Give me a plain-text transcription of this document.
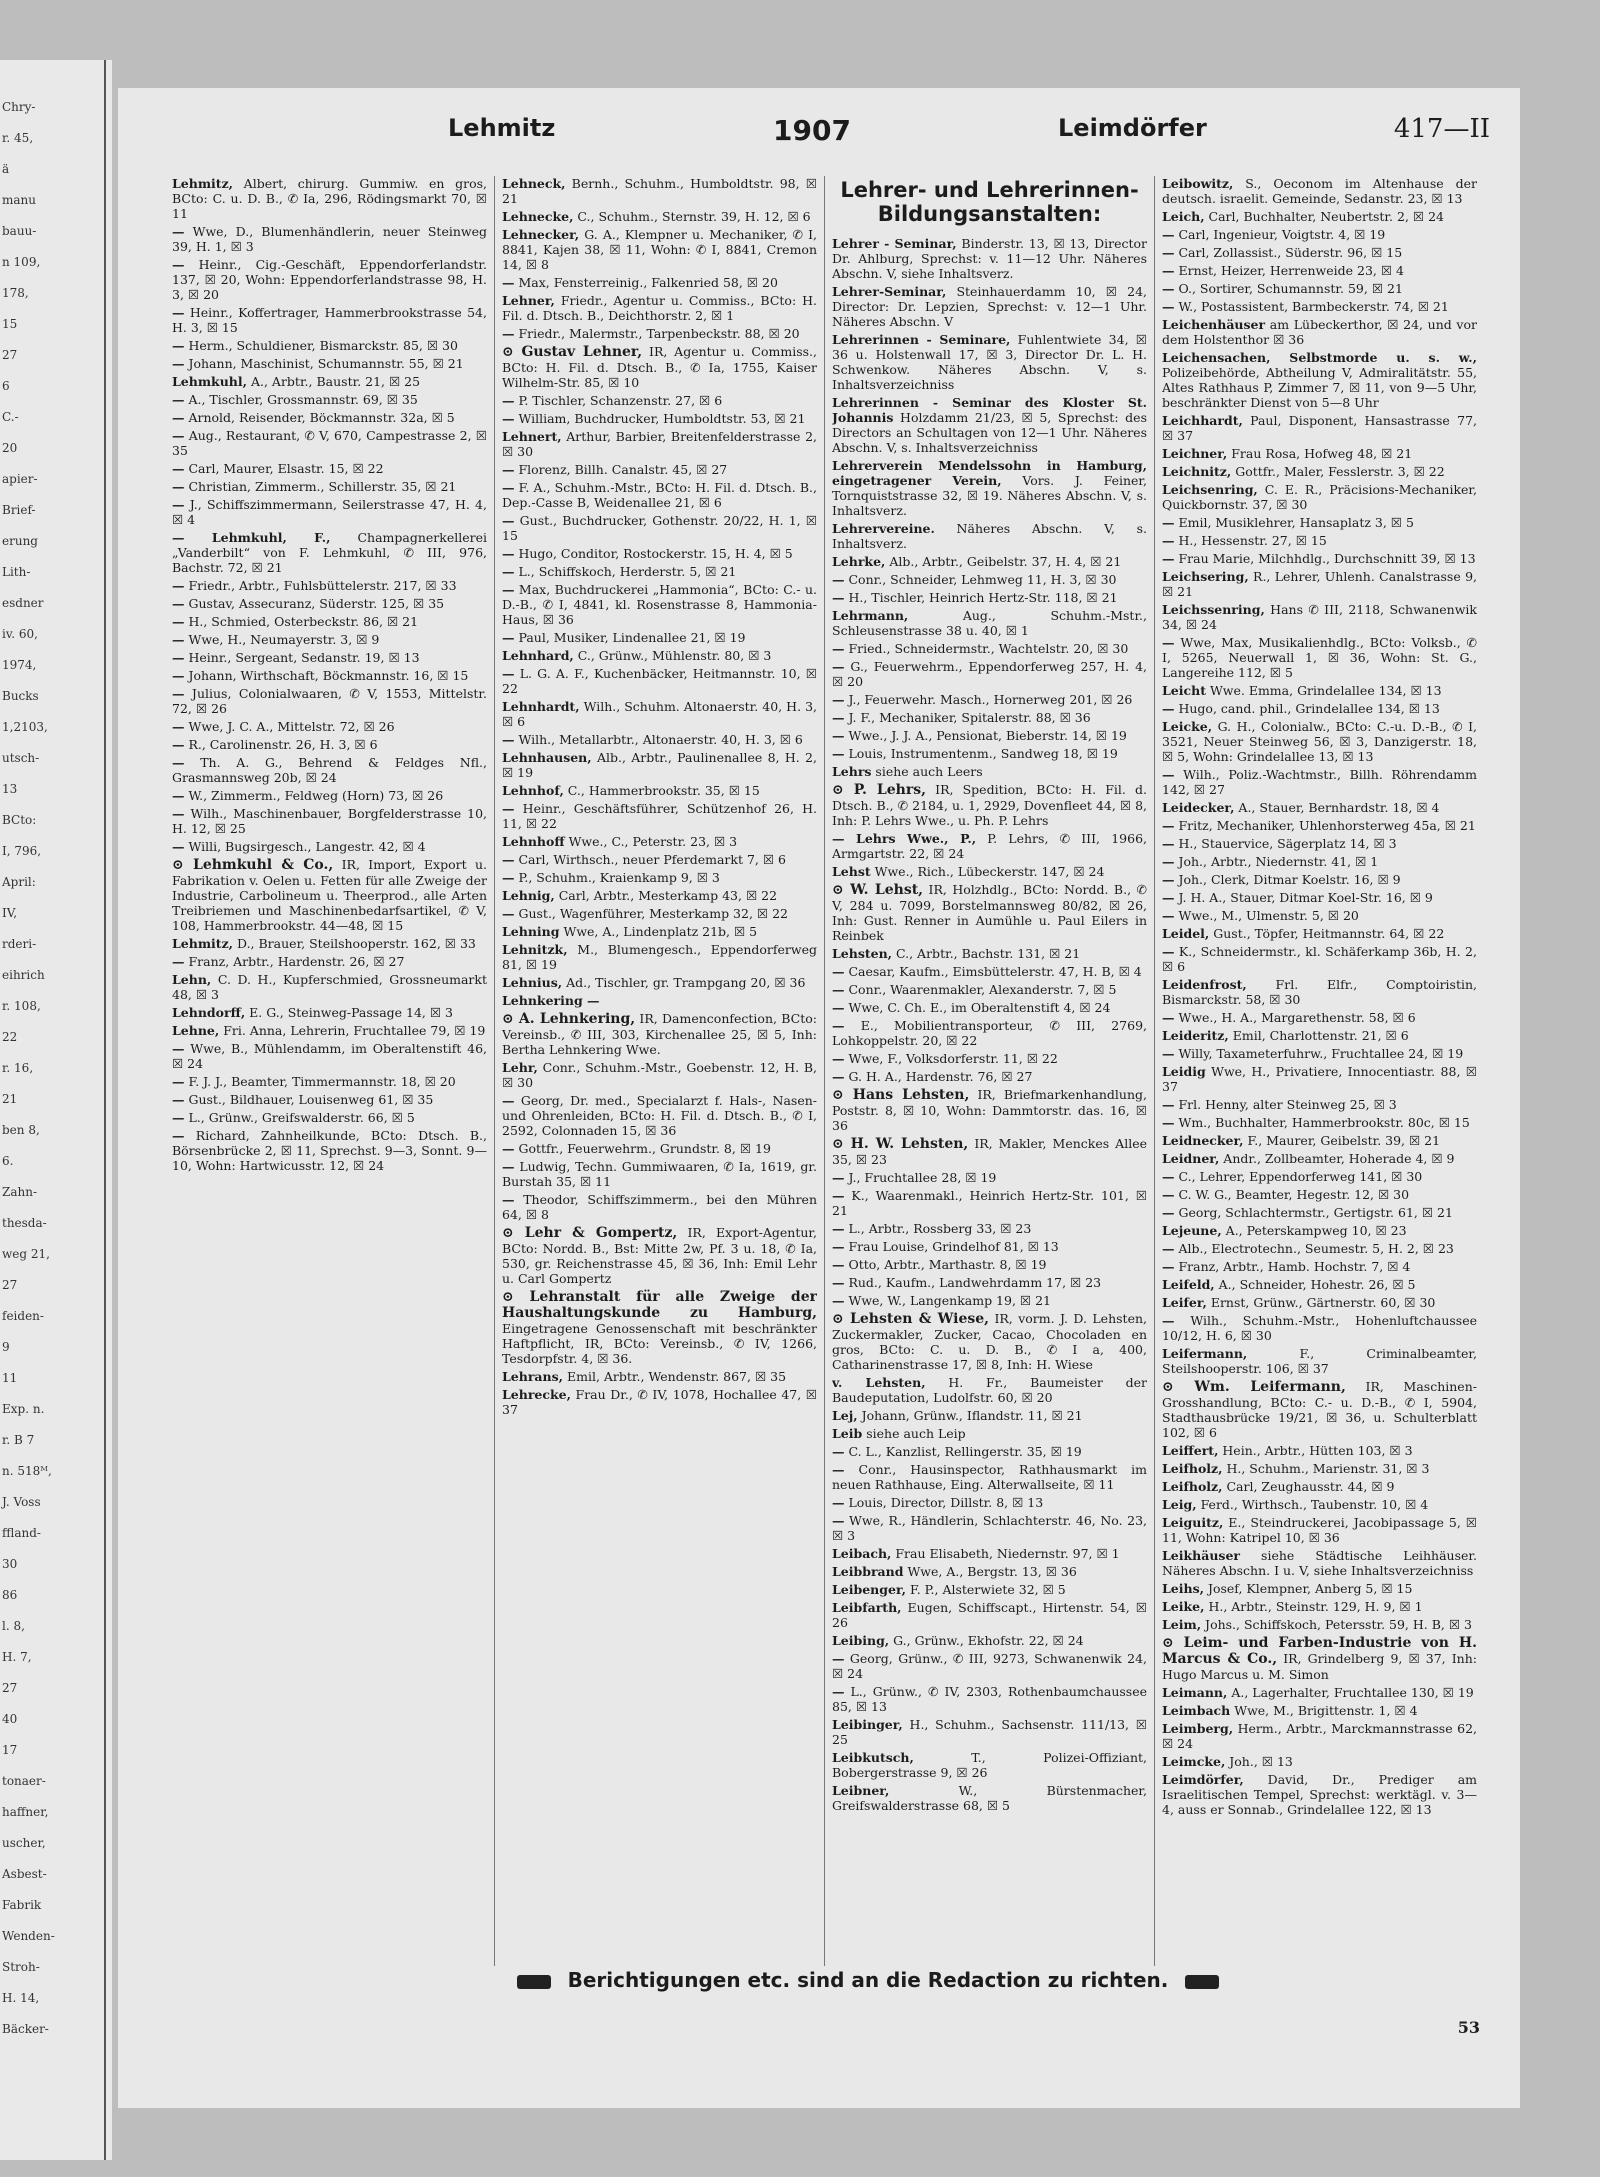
Chry-
r. 45,
ä
manu
bauu-
n 109,
178,
15
27
6
C.-
20
apier-
Brief-
erung
Lith-
esdner
iv. 60,
1974,
Bucks
1,2103,
utsch-
13
BCto:
I, 796,
April:
IV,
rderi-
eihrich
r. 108,
22
r. 16,
21
ben 8,
6.
Zahn-
thesda-
weg 21,
27
feiden-
9
11
Exp. n.
r. B 7
n. 518ᴹ,
J. Voss
ffland-
30
86
l. 8,
H. 7,
27
40
17
tonaer-
haffner,
uscher,
Asbest-
Fabrik
Wenden-
Stroh-
H. 14,
Bäcker-
Lehmitz	1907	Leimdörfer	417—II
Lehmitz, Albert, chirurg. Gummiw. en gros, BCto: C. u. D. B., ✆ Ia, 296, Rödingsmarkt 70, ☒ 11
— Wwe, D., Blumenhändlerin, neuer Steinweg 39, H. 1, ☒ 3
— Heinr., Cig.-Geschäft, Eppendorferlandstr. 137, ☒ 20, Wohn: Eppendorferlandstrasse 98, H. 3, ☒ 20
— Heinr., Koffertrager, Hammerbrookstrasse 54, H. 3, ☒ 15
— Herm., Schuldiener, Bismarckstr. 85, ☒ 30
— Johann, Maschinist, Schumannstr. 55, ☒ 21
Lehmkuhl, A., Arbtr., Baustr. 21, ☒ 25
— A., Tischler, Grossmannstr. 69, ☒ 35
— Arnold, Reisender, Böckmannstr. 32a, ☒ 5
— Aug., Restaurant, ✆ V, 670, Campestrasse 2, ☒ 35
— Carl, Maurer, Elsastr. 15, ☒ 22
— Christian, Zimmerm., Schillerstr. 35, ☒ 21
— J., Schiffszimmermann, Seilerstrasse 47, H. 4, ☒ 4
— Lehmkuhl, F., Champagnerkellerei „Vanderbilt“ von F. Lehmkuhl, ✆ III, 976, Bachstr. 72, ☒ 21
— Friedr., Arbtr., Fuhlsbüttelerstr. 217, ☒ 33
— Gustav, Assecuranz, Süderstr. 125, ☒ 35
— H., Schmied, Osterbeckstr. 86, ☒ 21
— Wwe, H., Neumayerstr. 3, ☒ 9
— Heinr., Sergeant, Sedanstr. 19, ☒ 13
— Johann, Wirthschaft, Böckmannstr. 16, ☒ 15
— Julius, Colonialwaaren, ✆ V, 1553, Mittelstr. 72, ☒ 26
— Wwe, J. C. A., Mittelstr. 72, ☒ 26
— R., Carolinenstr. 26, H. 3, ☒ 6
— Th. A. G., Behrend & Feldges Nfl., Grasmannsweg 20b, ☒ 24
— W., Zimmerm., Feldweg (Horn) 73, ☒ 26
— Wilh., Maschinenbauer, Borgfelderstrasse 10, H. 12, ☒ 25
— Willi, Bugsirgesch., Langestr. 42, ☒ 4
⊙ Lehmkuhl & Co., IR, Import, Export u. Fabrikation v. Oelen u. Fetten für alle Zweige der Industrie, Carbolineum u. Theerprod., alle Arten Treibriemen und Maschinenbedarfsartikel, ✆ V, 108, Hammerbrookstr. 44—48, ☒ 15
Lehmitz, D., Brauer, Steilshooperstr. 162, ☒ 33
— Franz, Arbtr., Hardenstr. 26, ☒ 27
Lehn, C. D. H., Kupferschmied, Grossneumarkt 48, ☒ 3
Lehndorff, E. G., Steinweg-Passage 14, ☒ 3
Lehne, Fri. Anna, Lehrerin, Fruchtallee 79, ☒ 19
— Wwe, B., Mühlendamm, im Oberaltenstift 46, ☒ 24
— F. J. J., Beamter, Timmermannstr. 18, ☒ 20
— Gust., Bildhauer, Louisenweg 61, ☒ 35
— L., Grünw., Greifswalderstr. 66, ☒ 5
— Richard, Zahnheilkunde, BCto: Dtsch. B., Börsenbrücke 2, ☒ 11, Sprechst. 9—3, Sonnt. 9—10, Wohn: Hartwicusstr. 12, ☒ 24
Lehneck, Bernh., Schuhm., Humboldtstr. 98, ☒ 21
Lehnecke, C., Schuhm., Sternstr. 39, H. 12, ☒ 6
Lehnecker, G. A., Klempner u. Mechaniker, ✆ I, 8841, Kajen 38, ☒ 11, Wohn: ✆ I, 8841, Cremon 14, ☒ 8
— Max, Fensterreinig., Falkenried 58, ☒ 20
Lehner, Friedr., Agentur u. Commiss., BCto: H. Fil. d. Dtsch. B., Deichthorstr. 2, ☒ 1
— Friedr., Malermstr., Tarpenbeckstr. 88, ☒ 20
⊙ Gustav Lehner, IR, Agentur u. Commiss., BCto: H. Fil. d. Dtsch. B., ✆ Ia, 1755, Kaiser Wilhelm-Str. 85, ☒ 10
— P. Tischler, Schanzenstr. 27, ☒ 6
— William, Buchdrucker, Humboldtstr. 53, ☒ 21
Lehnert, Arthur, Barbier, Breitenfelderstrasse 2, ☒ 30
— Florenz, Billh. Canalstr. 45, ☒ 27
— F. A., Schuhm.-Mstr., BCto: H. Fil. d. Dtsch. B., Dep.-Casse B, Weidenallee 21, ☒ 6
— Gust., Buchdrucker, Gothenstr. 20/22, H. 1, ☒ 15
— Hugo, Conditor, Rostockerstr. 15, H. 4, ☒ 5
— L., Schiffskoch, Herderstr. 5, ☒ 21
— Max, Buchdruckerei „Hammonia“, BCto: C.- u. D.-B., ✆ I, 4841, kl. Rosenstrasse 8, Hammonia-Haus, ☒ 36
— Paul, Musiker, Lindenallee 21, ☒ 19
Lehnhard, C., Grünw., Mühlenstr. 80, ☒ 3
— L. G. A. F., Kuchenbäcker, Heitmannstr. 10, ☒ 22
Lehnhardt, Wilh., Schuhm. Altonaerstr. 40, H. 3, ☒ 6
— Wilh., Metallarbtr., Altonaerstr. 40, H. 3, ☒ 6
Lehnhausen, Alb., Arbtr., Paulinenallee 8, H. 2, ☒ 19
Lehnhof, C., Hammerbrookstr. 35, ☒ 15
— Heinr., Geschäftsführer, Schützenhof 26, H. 11, ☒ 22
Lehnhoff Wwe., C., Peterstr. 23, ☒ 3
— Carl, Wirthsch., neuer Pferdemarkt 7, ☒ 6
— P., Schuhm., Kraienkamp 9, ☒ 3
Lehnig, Carl, Arbtr., Mesterkamp 43, ☒ 22
— Gust., Wagenführer, Mesterkamp 32, ☒ 22
Lehning Wwe, A., Lindenplatz 21b, ☒ 5
Lehnitzk, M., Blumengesch., Eppendorferweg 81, ☒ 19
Lehnius, Ad., Tischler, gr. Trampgang 20, ☒ 36
Lehnkering —
⊙ A. Lehnkering, IR, Damenconfection, BCto: Vereinsb., ✆ III, 303, Kirchenallee 25, ☒ 5, Inh: Bertha Lehnkering Wwe.
Lehr, Conr., Schuhm.-Mstr., Goebenstr. 12, H. B, ☒ 30
— Georg, Dr. med., Specialarzt f. Hals-, Nasen- und Ohrenleiden, BCto: H. Fil. d. Dtsch. B., ✆ I, 2592, Colonnaden 15, ☒ 36
— Gottfr., Feuerwehrm., Grundstr. 8, ☒ 19
— Ludwig, Techn. Gummiwaaren, ✆ Ia, 1619, gr. Burstah 35, ☒ 11
— Theodor, Schiffszimmerm., bei den Mühren 64, ☒ 8
⊙ Lehr & Gompertz, IR, Export-Agentur, BCto: Nordd. B., Bst: Mitte 2w, Pf. 3 u. 18, ✆ Ia, 530, gr. Reichenstrasse 45, ☒ 36, Inh: Emil Lehr u. Carl Gompertz
⊙ Lehranstalt für alle Zweige der Haushaltungskunde zu Hamburg, Eingetragene Genossenschaft mit beschränkter Haftpflicht, IR, BCto: Vereinsb., ✆ IV, 1266, Tesdorpfstr. 4, ☒ 36.
Lehrans, Emil, Arbtr., Wendenstr. 867, ☒ 35
Lehrecke, Frau Dr., ✆ IV, 1078, Hochallee 47, ☒ 37
Lehrer- und Lehrerinnen-Bildungsanstalten:
Lehrer - Seminar, Binderstr. 13, ☒ 13, Director Dr. Ahlburg, Sprechst: v. 11—12 Uhr. Näheres Abschn. V, siehe Inhaltsverz.
Lehrer-Seminar, Steinhauerdamm 10, ☒ 24, Director: Dr. Lepzien, Sprechst: v. 12—1 Uhr. Näheres Abschn. V
Lehrerinnen - Seminare, Fuhlentwiete 34, ☒ 36 u. Holstenwall 17, ☒ 3, Director Dr. L. H. Schwenkow. Näheres Abschn. V, s. Inhaltsverzeichniss
Lehrerinnen - Seminar des Kloster St. Johannis Holzdamm 21/23, ☒ 5, Sprechst: des Directors an Schultagen von 12—1 Uhr. Näheres Abschn. V, s. Inhaltsverzeichniss
Lehrerverein Mendelssohn in Hamburg, eingetragener Verein, Vors. J. Feiner, Tornquiststrasse 32, ☒ 19. Näheres Abschn. V, s. Inhaltsverz.
Lehrervereine. Näheres Abschn. V, s. Inhaltsverz.
Lehrke, Alb., Arbtr., Geibelstr. 37, H. 4, ☒ 21
— Conr., Schneider, Lehmweg 11, H. 3, ☒ 30
— H., Tischler, Heinrich Hertz-Str. 118, ☒ 21
Lehrmann, Aug., Schuhm.-Mstr., Schleusenstrasse 38 u. 40, ☒ 1
— Fried., Schneidermstr., Wachtelstr. 20, ☒ 30
— G., Feuerwehrm., Eppendorferweg 257, H. 4, ☒ 20
— J., Feuerwehr. Masch., Hornerweg 201, ☒ 26
— J. F., Mechaniker, Spitalerstr. 88, ☒ 36
— Wwe., J. J. A., Pensionat, Bieberstr. 14, ☒ 19
— Louis, Instrumentenm., Sandweg 18, ☒ 19
Lehrs siehe auch Leers
⊙ P. Lehrs, IR, Spedition, BCto: H. Fil. d. Dtsch. B., ✆ 2184, u. 1, 2929, Dovenfleet 44, ☒ 8, Inh: P. Lehrs Wwe., u. Ph. P. Lehrs
— Lehrs Wwe., P., P. Lehrs, ✆ III, 1966, Armgartstr. 22, ☒ 24
Lehst Wwe., Rich., Lübeckerstr. 147, ☒ 24
⊙ W. Lehst, IR, Holzhdlg., BCto: Nordd. B., ✆ V, 284 u. 7099, Borstelmannsweg 80/82, ☒ 26, Inh: Gust. Renner in Aumühle u. Paul Eilers in Reinbek
Lehsten, C., Arbtr., Bachstr. 131, ☒ 21
— Caesar, Kaufm., Eimsbüttelerstr. 47, H. B, ☒ 4
— Conr., Waarenmakler, Alexanderstr. 7, ☒ 5
— Wwe, C. Ch. E., im Oberaltenstift 4, ☒ 24
— E., Mobilientransporteur, ✆ III, 2769, Lohkoppelstr. 20, ☒ 22
— Wwe, F., Volksdorferstr. 11, ☒ 22
— G. H. A., Hardenstr. 76, ☒ 27
⊙ Hans Lehsten, IR, Briefmarkenhandlung, Poststr. 8, ☒ 10, Wohn: Dammtorstr. das. 16, ☒ 36
⊙ H. W. Lehsten, IR, Makler, Menckes Allee 35, ☒ 23
— J., Fruchtallee 28, ☒ 19
— K., Waarenmakl., Heinrich Hertz-Str. 101, ☒ 21
— L., Arbtr., Rossberg 33, ☒ 23
— Frau Louise, Grindelhof 81, ☒ 13
— Otto, Arbtr., Marthastr. 8, ☒ 19
— Rud., Kaufm., Landwehrdamm 17, ☒ 23
— Wwe, W., Langenkamp 19, ☒ 21
⊙ Lehsten & Wiese, IR, vorm. J. D. Lehsten, Zuckermakler, Zucker, Cacao, Chocoladen en gros, BCto: C. u. D. B., ✆ I a, 400, Catharinenstrasse 17, ☒ 8, Inh: H. Wiese
v. Lehsten, H. Fr., Baumeister der Baudeputation, Ludolfstr. 60, ☒ 20
Lej, Johann, Grünw., Iflandstr. 11, ☒ 21
Leib siehe auch Leip
— C. L., Kanzlist, Rellingerstr. 35, ☒ 19
— Conr., Hausinspector, Rathhausmarkt im neuen Rathhause, Eing. Alterwallseite, ☒ 11
— Louis, Director, Dillstr. 8, ☒ 13
— Wwe, R., Händlerin, Schlachterstr. 46, No. 23, ☒ 3
Leibach, Frau Elisabeth, Niedernstr. 97, ☒ 1
Leibbrand Wwe, A., Bergstr. 13, ☒ 36
Leibenger, F. P., Alsterwiete 32, ☒ 5
Leibfarth, Eugen, Schiffscapt., Hirtenstr. 54, ☒ 26
Leibing, G., Grünw., Ekhofstr. 22, ☒ 24
— Georg, Grünw., ✆ III, 9273, Schwanenwik 24, ☒ 24
— L., Grünw., ✆ IV, 2303, Rothenbaumchaussee 85, ☒ 13
Leibinger, H., Schuhm., Sachsenstr. 111/13, ☒ 25
Leibkutsch, T., Polizei-Offiziant, Bobergerstrasse 9, ☒ 26
Leibner, W., Bürstenmacher, Greifswalderstrasse 68, ☒ 5
Leibowitz, S., Oeconom im Altenhause der deutsch. israelit. Gemeinde, Sedanstr. 23, ☒ 13
Leich, Carl, Buchhalter, Neubertstr. 2, ☒ 24
— Carl, Ingenieur, Voigtstr. 4, ☒ 19
— Carl, Zollassist., Süderstr. 96, ☒ 15
— Ernst, Heizer, Herrenweide 23, ☒ 4
— O., Sortirer, Schumannstr. 59, ☒ 21
— W., Postassistent, Barmbeckerstr. 74, ☒ 21
Leichenhäuser am Lübeckerthor, ☒ 24, und vor dem Holstenthor ☒ 36
Leichensachen, Selbstmorde u. s. w., Polizeibehörde, Abtheilung V, Admiralitätstr. 55, Altes Rathhaus P, Zimmer 7, ☒ 11, von 9—5 Uhr, beschränkter Dienst von 5—8 Uhr
Leichhardt, Paul, Disponent, Hansastrasse 77, ☒ 37
Leichner, Frau Rosa, Hofweg 48, ☒ 21
Leichnitz, Gottfr., Maler, Fesslerstr. 3, ☒ 22
Leichsenring, C. E. R., Präcisions-Mechaniker, Quickbornstr. 37, ☒ 30
— Emil, Musiklehrer, Hansaplatz 3, ☒ 5
— H., Hessenstr. 27, ☒ 15
— Frau Marie, Milchhdlg., Durchschnitt 39, ☒ 13
Leichsering, R., Lehrer, Uhlenh. Canalstrasse 9, ☒ 21
Leichssenring, Hans ✆ III, 2118, Schwanenwik 34, ☒ 24
— Wwe, Max, Musikalienhdlg., BCto: Volksb., ✆ I, 5265, Neuerwall 1, ☒ 36, Wohn: St. G., Langereihe 112, ☒ 5
Leicht Wwe. Emma, Grindelallee 134, ☒ 13
— Hugo, cand. phil., Grindelallee 134, ☒ 13
Leicke, G. H., Colonialw., BCto: C.-u. D.-B., ✆ I, 3521, Neuer Steinweg 56, ☒ 3, Danzigerstr. 18, ☒ 5, Wohn: Grindelallee 13, ☒ 13
— Wilh., Poliz.-Wachtmstr., Billh. Röhrendamm 142, ☒ 27
Leidecker, A., Stauer, Bernhardstr. 18, ☒ 4
— Fritz, Mechaniker, Uhlenhorsterweg 45a, ☒ 21
— H., Stauervice, Sägerplatz 14, ☒ 3
— Joh., Arbtr., Niedernstr. 41, ☒ 1
— Joh., Clerk, Ditmar Koelstr. 16, ☒ 9
— J. H. A., Stauer, Ditmar Koel-Str. 16, ☒ 9
— Wwe., M., Ulmenstr. 5, ☒ 20
Leidel, Gust., Töpfer, Heitmannstr. 64, ☒ 22
— K., Schneidermstr., kl. Schäferkamp 36b, H. 2, ☒ 6
Leidenfrost, Frl. Elfr., Comptoiristin, Bismarckstr. 58, ☒ 30
— Wwe., H. A., Margarethenstr. 58, ☒ 6
Leideritz, Emil, Charlottenstr. 21, ☒ 6
— Willy, Taxameterfuhrw., Fruchtallee 24, ☒ 19
Leidig Wwe, H., Privatiere, Innocentiastr. 88, ☒ 37
— Frl. Henny, alter Steinweg 25, ☒ 3
— Wm., Buchhalter, Hammerbrookstr. 80c, ☒ 15
Leidnecker, F., Maurer, Geibelstr. 39, ☒ 21
Leidner, Andr., Zollbeamter, Hoherade 4, ☒ 9
— C., Lehrer, Eppendorferweg 141, ☒ 30
— C. W. G., Beamter, Hegestr. 12, ☒ 30
— Georg, Schlachtermstr., Gertigstr. 61, ☒ 21
Lejeune, A., Peterskampweg 10, ☒ 23
— Alb., Electrotechn., Seumestr. 5, H. 2, ☒ 23
— Franz, Arbtr., Hamb. Hochstr. 7, ☒ 4
Leifeld, A., Schneider, Hohestr. 26, ☒ 5
Leifer, Ernst, Grünw., Gärtnerstr. 60, ☒ 30
— Wilh., Schuhm.-Mstr., Hohenluftchaussee 10/12, H. 6, ☒ 30
Leifermann, F., Criminalbeamter, Steilshooperstr. 106, ☒ 37
⊙ Wm. Leifermann, IR, Maschinen-Grosshandlung, BCto: C.- u. D.-B., ✆ I, 5904, Stadthausbrücke 19/21, ☒ 36, u. Schulterblatt 102, ☒ 6
Leiffert, Hein., Arbtr., Hütten 103, ☒ 3
Leifholz, H., Schuhm., Marienstr. 31, ☒ 3
Leifholz, Carl, Zeughausstr. 44, ☒ 9
Leig, Ferd., Wirthsch., Taubenstr. 10, ☒ 4
Leiguitz, E., Steindruckerei, Jacobipassage 5, ☒ 11, Wohn: Katripel 10, ☒ 36
Leikhäuser siehe Städtische Leihhäuser. Näheres Abschn. I u. V, siehe Inhaltsverzeichniss
Leihs, Josef, Klempner, Anberg 5, ☒ 15
Leike, H., Arbtr., Steinstr. 129, H. 9, ☒ 1
Leim, Johs., Schiffskoch, Petersstr. 59, H. B, ☒ 3
⊙ Leim- und Farben-Industrie von H. Marcus & Co., IR, Grindelberg 9, ☒ 37, Inh: Hugo Marcus u. M. Simon
Leimann, A., Lagerhalter, Fruchtallee 130, ☒ 19
Leimbach Wwe, M., Brigittenstr. 1, ☒ 4
Leimberg, Herm., Arbtr., Marckmannstrasse 62, ☒ 24
Leimcke, Joh., ☒ 13
Leimdörfer, David, Dr., Prediger am Israelitischen Tempel, Sprechst: werktägl. v. 3—4, auss er Sonnab., Grindelallee 122, ☒ 13
Berichtigungen etc. sind an die Redaction zu richten.
53
